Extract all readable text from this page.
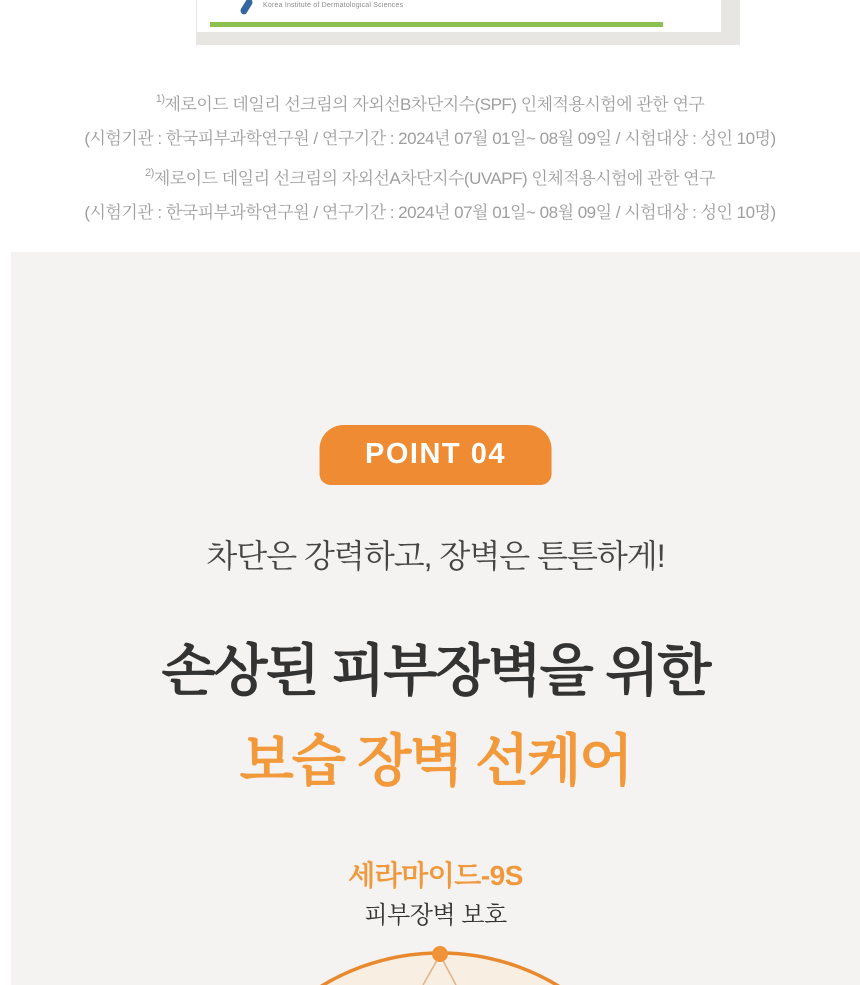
Korea Institute of Dermatological Sciences
$^{1)}$제로이드 데일리 선크림의 자외선B차단지수(SPF) 인체적용시험에 관한 연구
(시험기관 : 한국피부과학연구원 / 연구기간 : 2024년 07월 01일~ 08월 09일 / 시험대상 : 성인 10명)
$^{2)}$제로이드 데일리 선크림의 자외선A차단지수(UVAPF) 인체적용시험에 관한 연구
(시험기관 : 한국피부과학연구원 / 연구기간 : 2024년 07월 01일~ 08월 09일 / 시험대상 : 성인 10명)
POINT 04
차단은 강력하고, 장벽은 튼튼하게!
손상된 피부장벽을 위한
보습 장벽 선케어
세라마이드-9S
피부장벽 보호
